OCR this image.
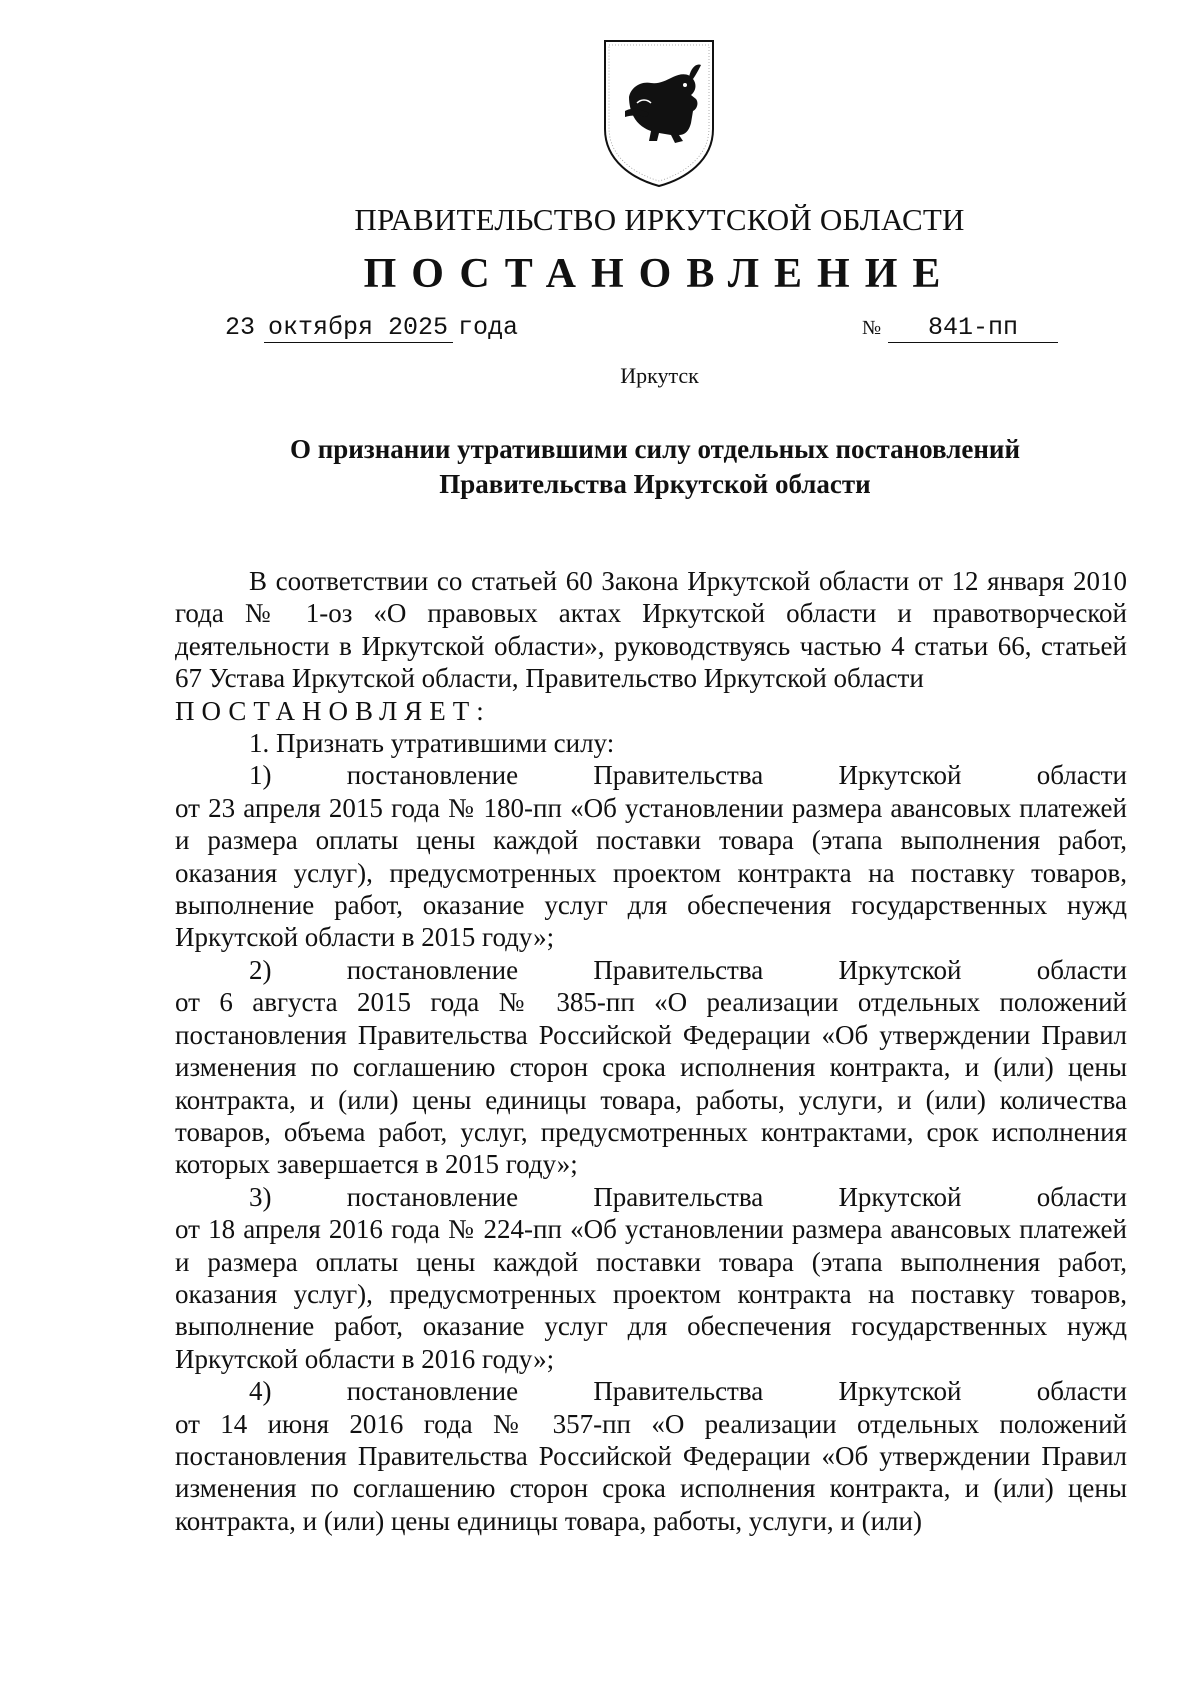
ПРАВИТЕЛЬСТВО ИРКУТСКОЙ ОБЛАСТИ
ПОСТАНОВЛЕНИЕ
23 октября 2025 года	№	841-пп
Иркутск
О признании утратившими силу отдельных постановлений
Правительства Иркутской области

В соответствии со статьей 60 Закона Иркутской области от 12 января 2010 года № 1-оз «О правовых актах Иркутской области и правотворческой деятельности в Иркутской области», руководствуясь частью 4 статьи 66, статьей 67 Устава Иркутской области, Правительство Иркутской области

ПОСТАНОВЛЯЕТ:

1. Признать утратившими силу:

1)	постановление	Правительства	Иркутской	области

от 23 апреля 2015 года № 180-пп «Об установлении размера авансовых платежей и размера оплаты цены каждой поставки товара (этапа выполнения работ, оказания услуг), предусмотренных проектом контракта на поставку товаров, выполнение работ, оказание услуг для обеспечения государственных нужд Иркутской области в 2015 году»;

2)	постановление	Правительства	Иркутской	области

от 6 августа 2015 года № 385-пп «О реализации отдельных положений постановления Правительства Российской Федерации «Об утверждении Правил изменения по соглашению сторон срока исполнения контракта, и (или) цены контракта, и (или) цены единицы товара, работы, услуги, и (или) количества товаров, объема работ, услуг, предусмотренных контрактами, срок исполнения которых завершается в 2015 году»;

3)	постановление	Правительства	Иркутской	области

от 18 апреля 2016 года № 224-пп «Об установлении размера авансовых платежей и размера оплаты цены каждой поставки товара (этапа выполнения работ, оказания услуг), предусмотренных проектом контракта на поставку товаров, выполнение работ, оказание услуг для обеспечения государственных нужд Иркутской области в 2016 году»;

4)	постановление	Правительства	Иркутской	области

от 14 июня 2016 года № 357-пп «О реализации отдельных положений постановления Правительства Российской Федерации «Об утверждении Правил изменения по соглашению сторон срока исполнения контракта, и (или) цены контракта, и (или) цены единицы товара, работы, услуги, и (или)
